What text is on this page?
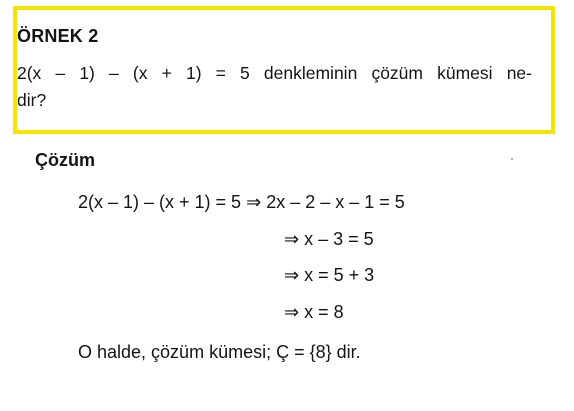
ÖRNEK 2

2(x – 1) – (x + 1) = 5 denkleminin çözüm kümesi ne-
dir?

Çözüm

2(x – 1) – (x + 1) = 5 ⇒ 2x – 2 – x – 1 = 5

⇒ x – 3 = 5

⇒ x = 5 + 3

⇒ x = 8

O halde, çözüm kümesi; Ç = {8} dir.
